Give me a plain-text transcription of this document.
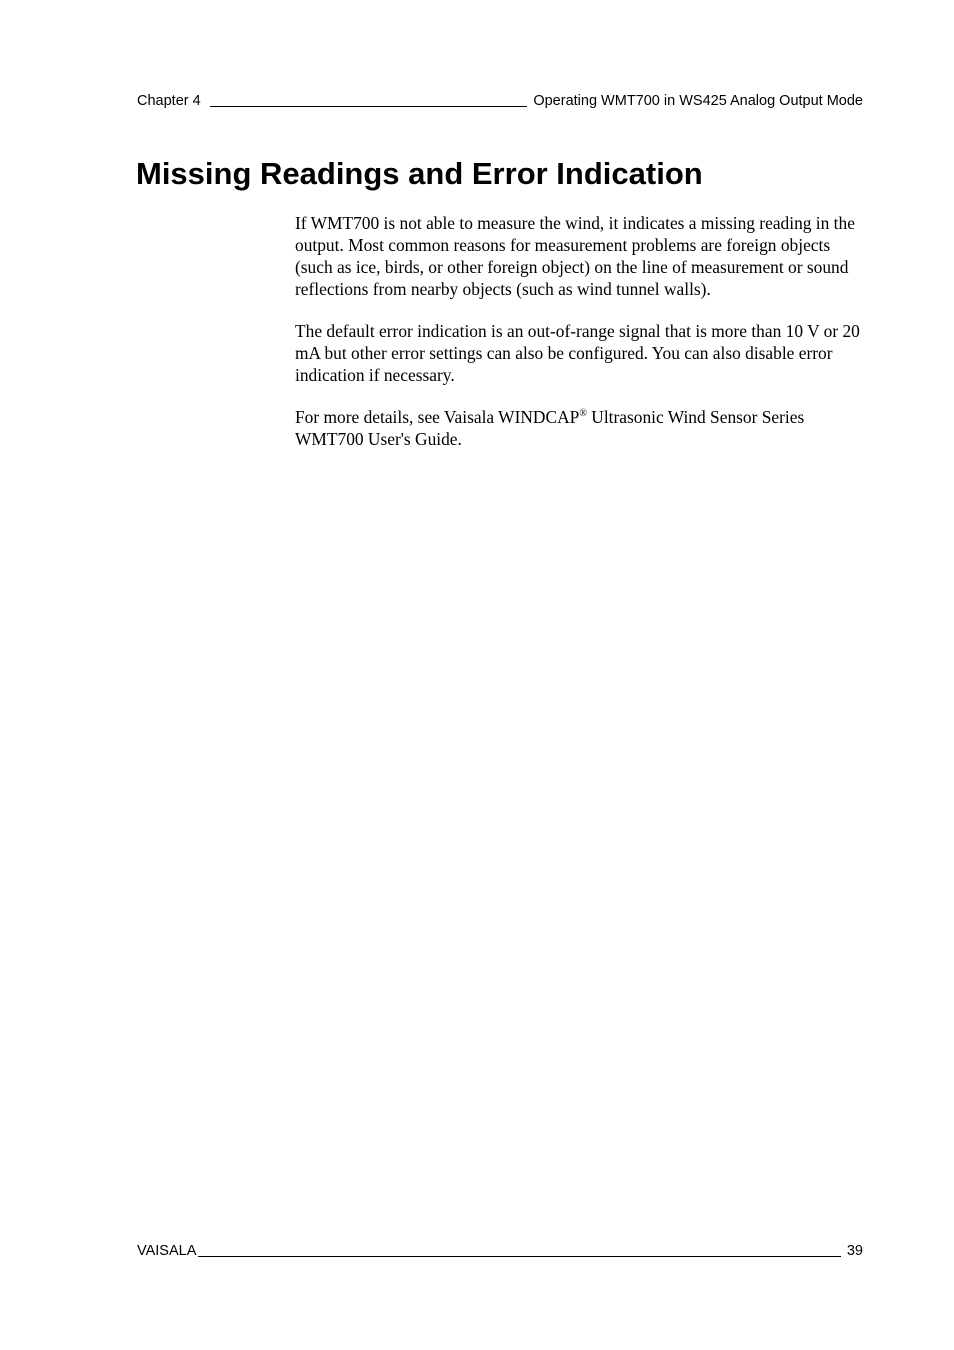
Chapter 4	Operating WMT700 in WS425 Analog Output Mode
Missing Readings and Error Indication

If WMT700 is not able to measure the wind, it indicates a missing reading in the output. Most common reasons for measurement problems are foreign objects (such as ice, birds, or other foreign object) on the line of measurement or sound reflections from nearby objects (such as wind tunnel walls).

The default error indication is an out-of-range signal that is more than 10 V or 20 mA but other error settings can also be configured. You can also disable error indication if necessary.

For more details, see Vaisala WINDCAP® Ultrasonic Wind Sensor Series WMT700 User's Guide.

VAISALA	39
